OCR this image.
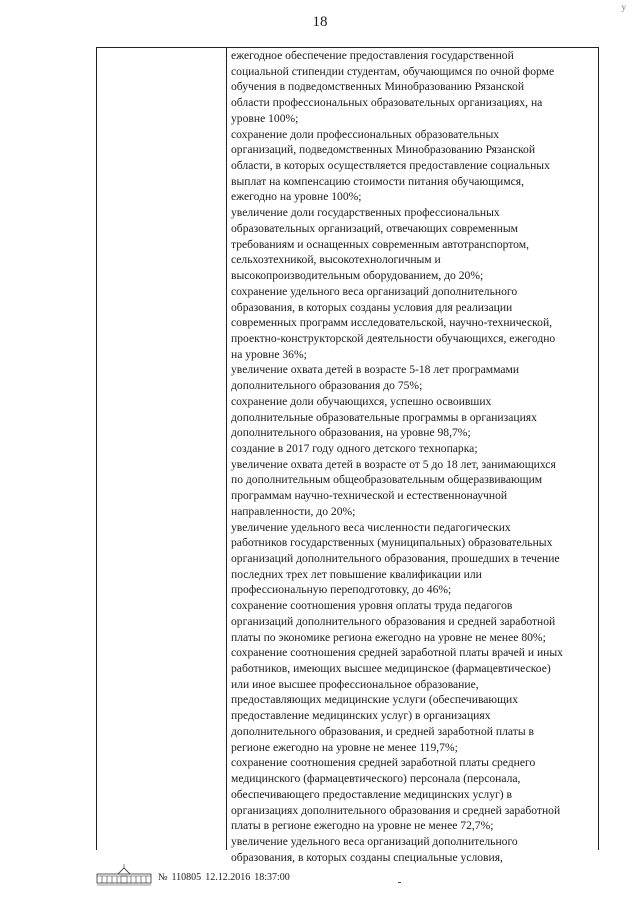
18
у
ежегодное обеспечение предоставления государственной
социальной стипендии студентам, обучающимся по очной форме
обучения в подведомственных Минобразованию Рязанской
области профессиональных образовательных организациях, на
уровне 100%;
сохранение доли профессиональных образовательных
организаций, подведомственных Минобразованию Рязанской
области, в которых осуществляется предоставление социальных
выплат на компенсацию стоимости питания обучающимся,
ежегодно на уровне 100%;
увеличение доли государственных профессиональных
образовательных организаций, отвечающих современным
требованиям и оснащенных современным автотранспортом,
сельхозтехникой, высокотехнологичным и
высокопроизводительным оборудованием, до 20%;
сохранение удельного веса организаций дополнительного
образования, в которых созданы условия для реализации
современных программ исследовательской, научно-технической,
проектно-конструкторской деятельности обучающихся, ежегодно
на уровне 36%;
увеличение охвата детей в возрасте 5-18 лет программами
дополнительного образования до 75%;
сохранение доли обучающихся, успешно освоивших
дополнительные образовательные программы в организациях
дополнительного образования, на уровне 98,7%;
создание в 2017 году одного детского технопарка;
увеличение охвата детей в возрасте от 5 до 18 лет, занимающихся
по дополнительным общеобразовательным общеразвивающим
программам научно-технической и естественнонаучной
направленности, до 20%;
увеличение удельного веса численности педагогических
работников государственных (муниципальных) образовательных
организаций дополнительного образования, прошедших в течение
последних трех лет повышение квалификации или
профессиональную переподготовку, до 46%;
сохранение соотношения уровня оплаты труда педагогов
организаций дополнительного образования и средней заработной
платы по экономике региона ежегодно на уровне не менее 80%;
сохранение соотношения средней заработной платы врачей и иных
работников, имеющих высшее медицинское (фармацевтическое)
или иное высшее профессиональное образование,
предоставляющих медицинские услуги (обеспечивающих
предоставление медицинских услуг) в организациях
дополнительного образования, и средней заработной платы в
регионе ежегодно на уровне не менее 119,7%;
сохранение соотношения средней заработной платы среднего
медицинского (фармацевтического) персонала (персонала,
обеспечивающего предоставление медицинских услуг) в
организациях дополнительного образования и средней заработной
платы в регионе ежегодно на уровне не менее 72,7%;
увеличение удельного веса организаций дополнительного
образования, в которых созданы специальные условия,
№ 110805 12.12.2016 18:37:00
